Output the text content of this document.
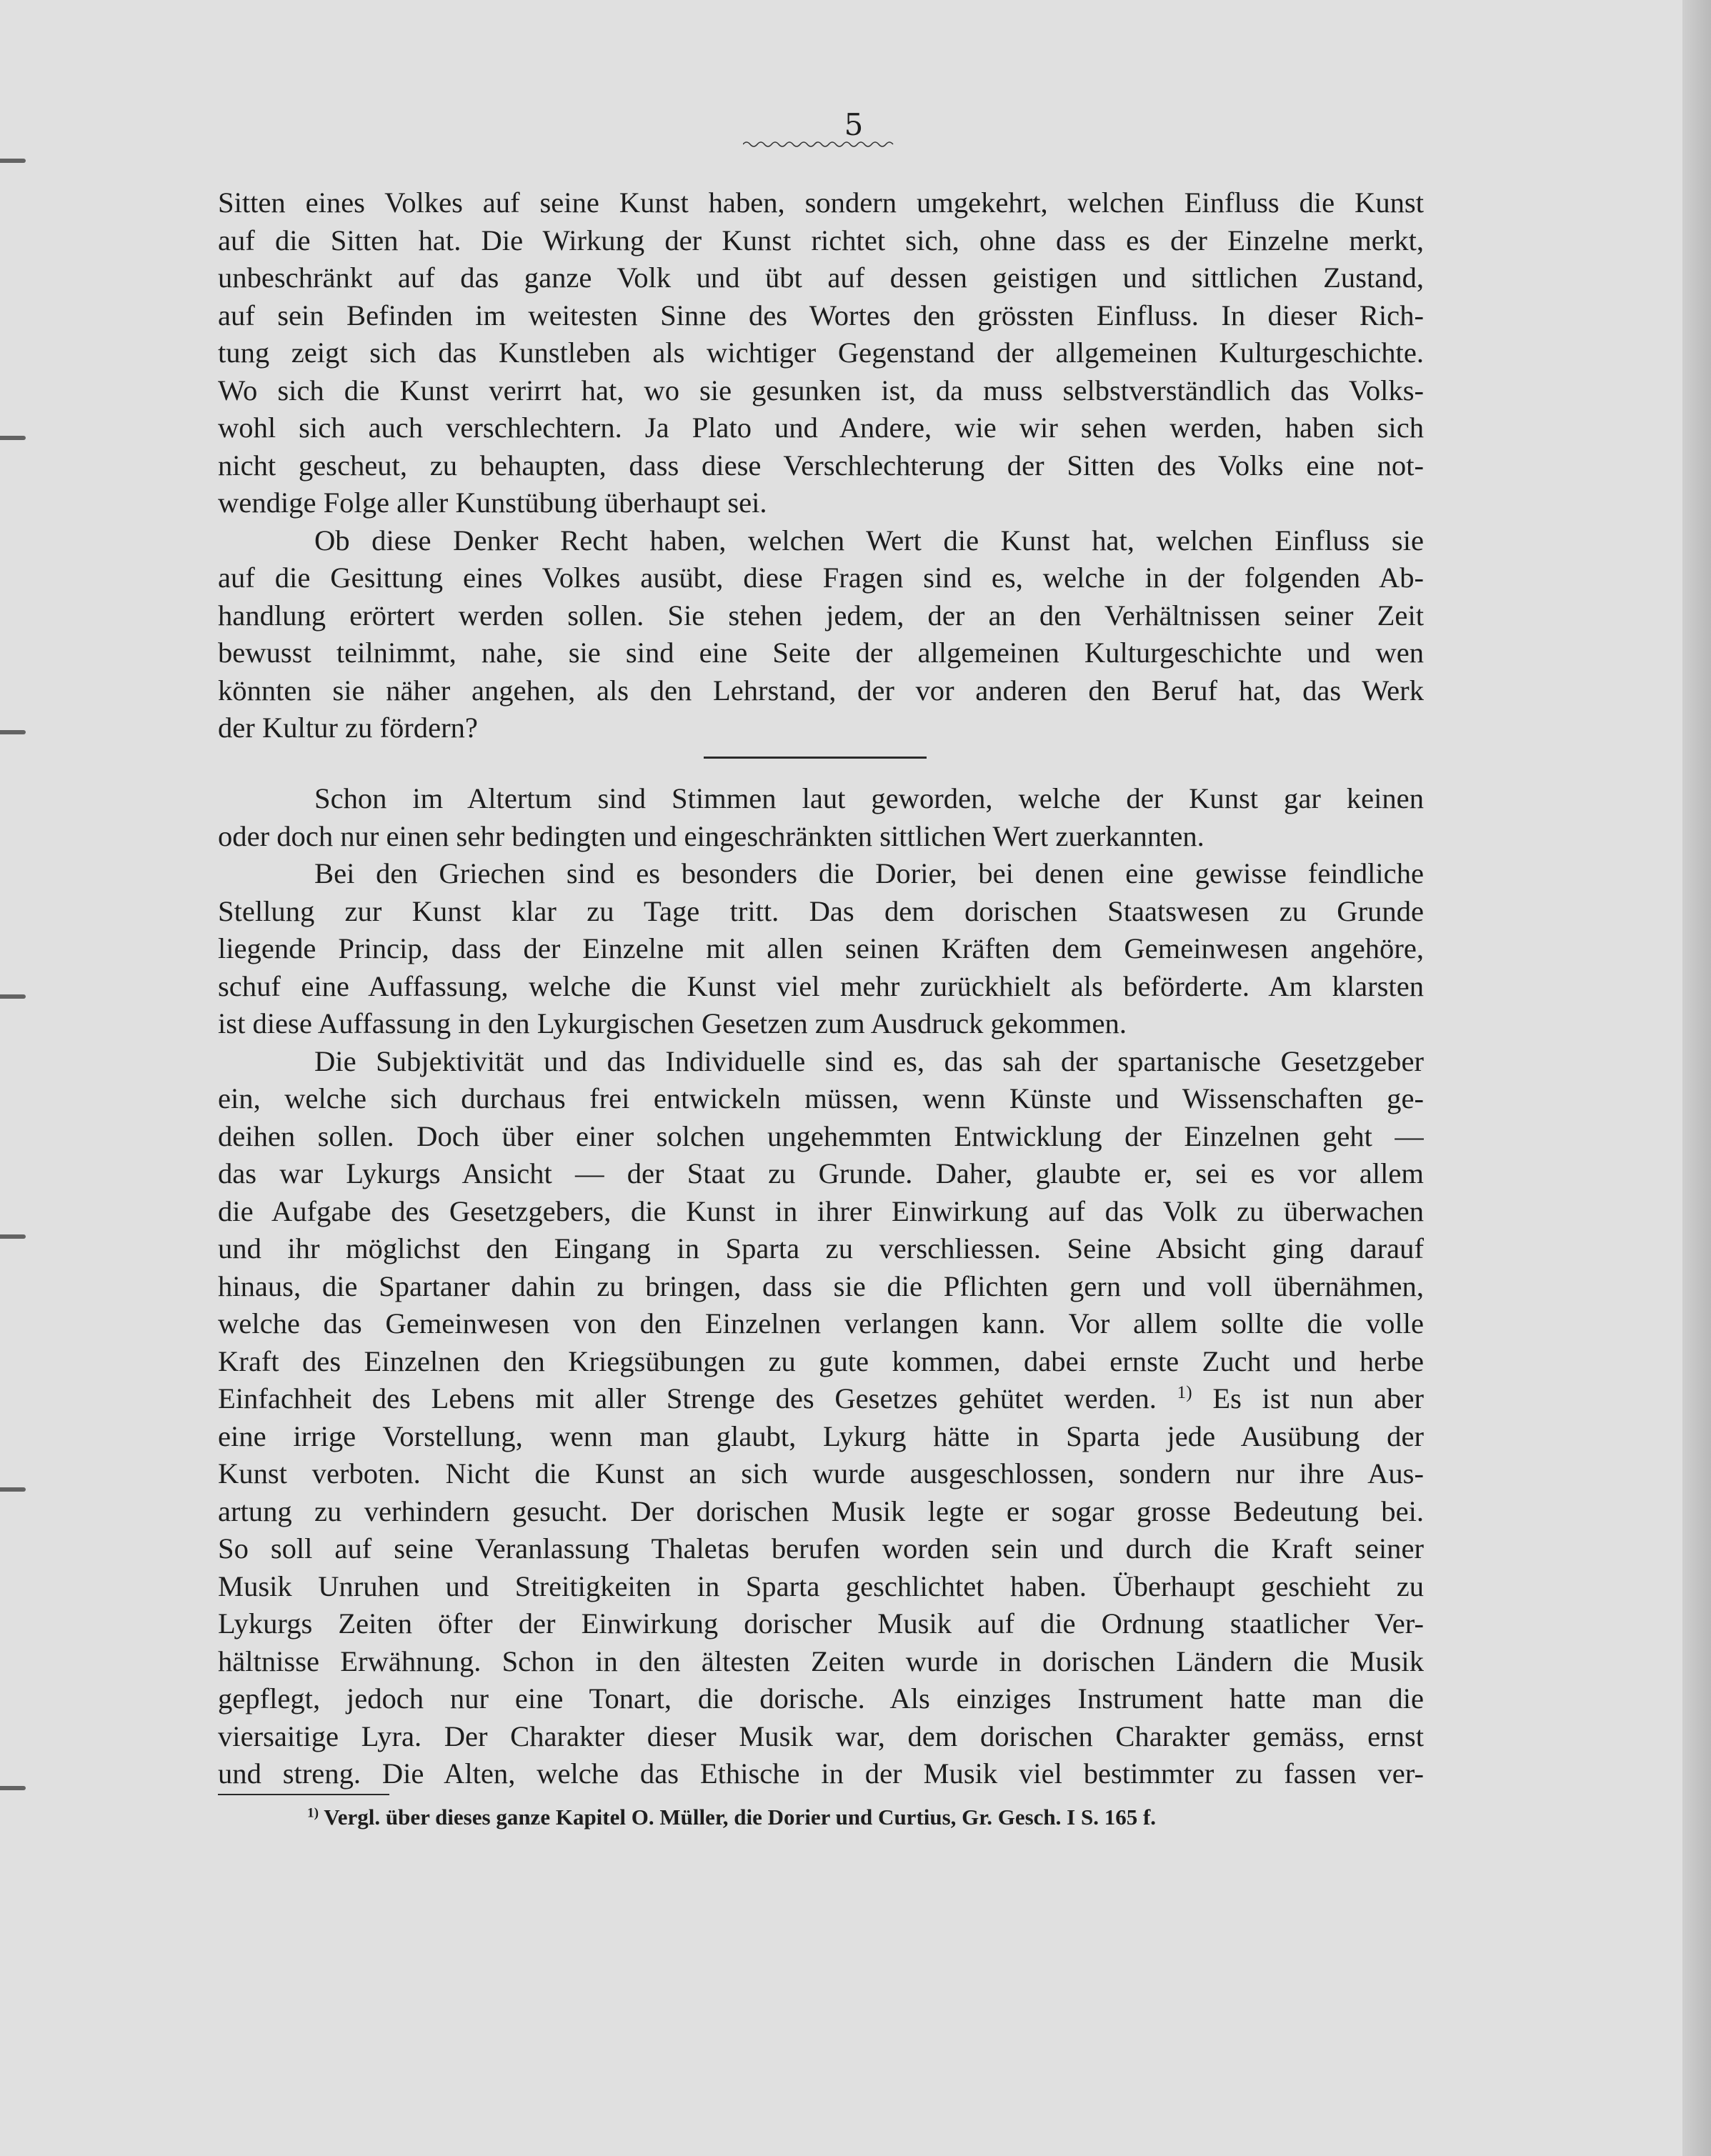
5
Sitten eines Volkes auf seine Kunst haben, sondern umgekehrt, welchen Einfluss die Kunst
auf die Sitten hat. Die Wirkung der Kunst richtet sich, ohne dass es der Einzelne merkt,
unbeschränkt auf das ganze Volk und übt auf dessen geistigen und sittlichen Zustand,
auf sein Befinden im weitesten Sinne des Wortes den grössten Einfluss. In dieser Rich-
tung zeigt sich das Kunstleben als wichtiger Gegenstand der allgemeinen Kulturgeschichte.
Wo sich die Kunst verirrt hat, wo sie gesunken ist, da muss selbstverständlich das Volks-
wohl sich auch verschlechtern. Ja Plato und Andere, wie wir sehen werden, haben sich
nicht gescheut, zu behaupten, dass diese Verschlechterung der Sitten des Volks eine not-
wendige Folge aller Kunstübung überhaupt sei.
Ob diese Denker Recht haben, welchen Wert die Kunst hat, welchen Einfluss sie
auf die Gesittung eines Volkes ausübt, diese Fragen sind es, welche in der folgenden Ab-
handlung erörtert werden sollen. Sie stehen jedem, der an den Verhältnissen seiner Zeit
bewusst teilnimmt, nahe, sie sind eine Seite der allgemeinen Kulturgeschichte und wen
könnten sie näher angehen, als den Lehrstand, der vor anderen den Beruf hat, das Werk
der Kultur zu fördern?
Schon im Altertum sind Stimmen laut geworden, welche der Kunst gar keinen
oder doch nur einen sehr bedingten und eingeschränkten sittlichen Wert zuerkannten.
Bei den Griechen sind es besonders die Dorier, bei denen eine gewisse feindliche
Stellung zur Kunst klar zu Tage tritt. Das dem dorischen Staatswesen zu Grunde
liegende Princip, dass der Einzelne mit allen seinen Kräften dem Gemeinwesen angehöre,
schuf eine Auffassung, welche die Kunst viel mehr zurückhielt als beförderte. Am klarsten
ist diese Auffassung in den Lykurgischen Gesetzen zum Ausdruck gekommen.
Die Subjektivität und das Individuelle sind es, das sah der spartanische Gesetzgeber
ein, welche sich durchaus frei entwickeln müssen, wenn Künste und Wissenschaften ge-
deihen sollen. Doch über einer solchen ungehemmten Entwicklung der Einzelnen geht —
das war Lykurgs Ansicht — der Staat zu Grunde. Daher, glaubte er, sei es vor allem
die Aufgabe des Gesetzgebers, die Kunst in ihrer Einwirkung auf das Volk zu überwachen
und ihr möglichst den Eingang in Sparta zu verschliessen. Seine Absicht ging darauf
hinaus, die Spartaner dahin zu bringen, dass sie die Pflichten gern und voll übernähmen,
welche das Gemeinwesen von den Einzelnen verlangen kann. Vor allem sollte die volle
Kraft des Einzelnen den Kriegsübungen zu gute kommen, dabei ernste Zucht und herbe
Einfachheit des Lebens mit aller Strenge des Gesetzes gehütet werden. $^{1)}$ Es ist nun aber
eine irrige Vorstellung, wenn man glaubt, Lykurg hätte in Sparta jede Ausübung der
Kunst verboten. Nicht die Kunst an sich wurde ausgeschlossen, sondern nur ihre Aus-
artung zu verhindern gesucht. Der dorischen Musik legte er sogar grosse Bedeutung bei.
So soll auf seine Veranlassung Thaletas berufen worden sein und durch die Kraft seiner
Musik Unruhen und Streitigkeiten in Sparta geschlichtet haben. Überhaupt geschieht zu
Lykurgs Zeiten öfter der Einwirkung dorischer Musik auf die Ordnung staatlicher Ver-
hältnisse Erwähnung. Schon in den ältesten Zeiten wurde in dorischen Ländern die Musik
gepflegt, jedoch nur eine Tonart, die dorische. Als einziges Instrument hatte man die
viersaitige Lyra. Der Charakter dieser Musik war, dem dorischen Charakter gemäss, ernst
und streng. Die Alten, welche das Ethische in der Musik viel bestimmter zu fassen ver-
$^{1)}$ Vergl. über dieses ganze Kapitel O. Müller, die Dorier und Curtius, Gr. Gesch. I S. 165 f.
